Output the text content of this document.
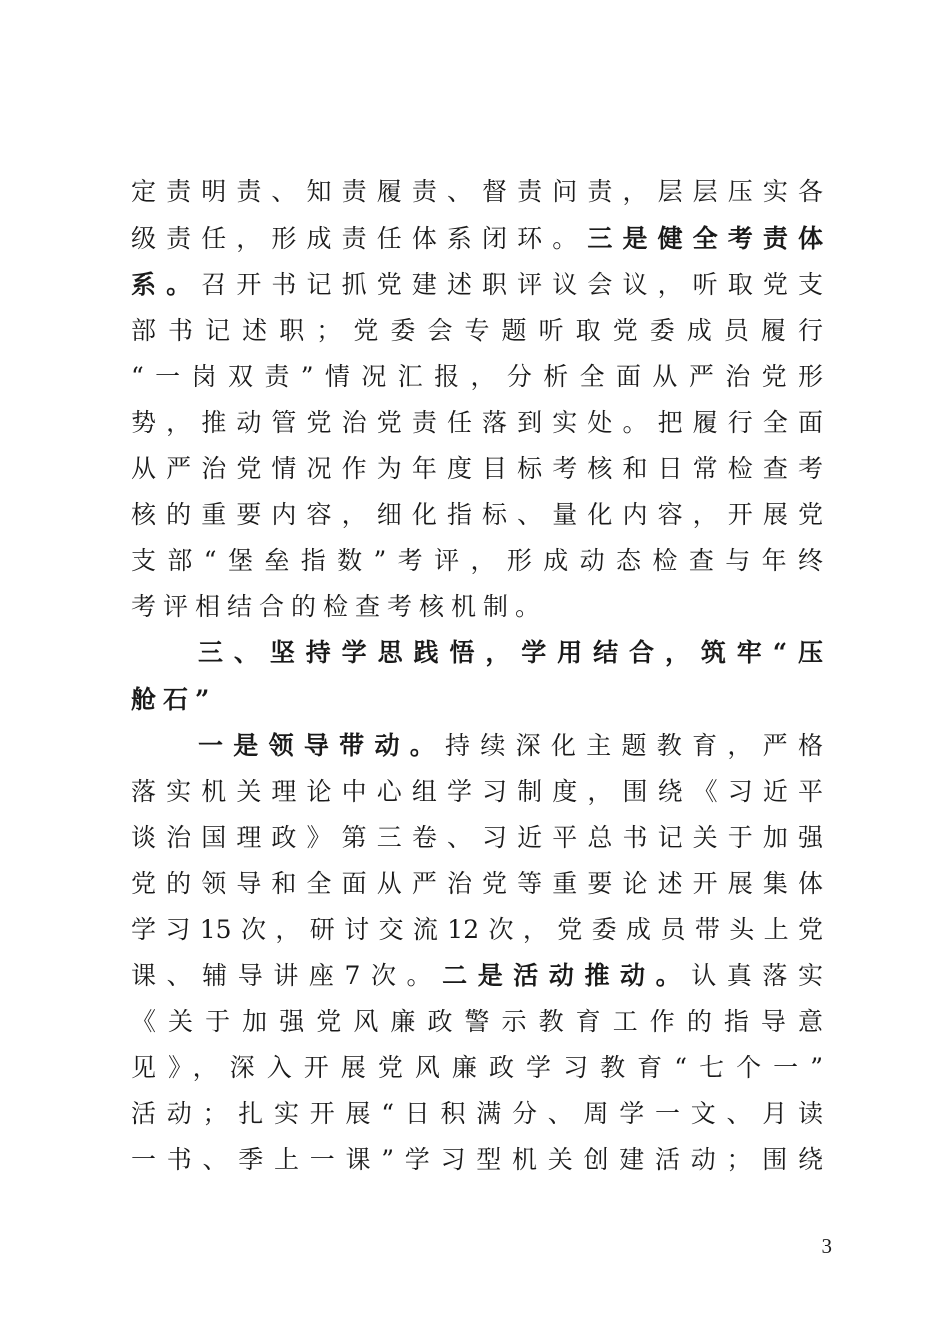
定责明责、知责履责、督责问责，层层压实各
级责任，形成责任体系闭环。三是健全考责体
系。召开书记抓党建述职评议会议，听取党支
部书记述职；党委会专题听取党委成员履行
“一岗双责”情况汇报，分析全面从严治党形
势，推动管党治党责任落到实处。把履行全面
从严治党情况作为年度目标考核和日常检查考
核的重要内容，细化指标、量化内容，开展党
支部“堡垒指数”考评，形成动态检查与年终
考评相结合的检查考核机制。
三、坚持学思践悟，学用结合，筑牢“压
舱石”
一是领导带动。持续深化主题教育，严格
落实机关理论中心组学习制度，围绕《习近平
谈治国理政》第三卷、习近平总书记关于加强
党的领导和全面从严治党等重要论述开展集体
学习15次，研讨交流12次，党委成员带头上党
课、辅导讲座7次。二是活动推动。认真落实
《关于加强党风廉政警示教育工作的指导意
见》，深入开展党风廉政学习教育“七个一”
活动；扎实开展“日积满分、周学一文、月读
一书、季上一课”学习型机关创建活动；围绕
3
